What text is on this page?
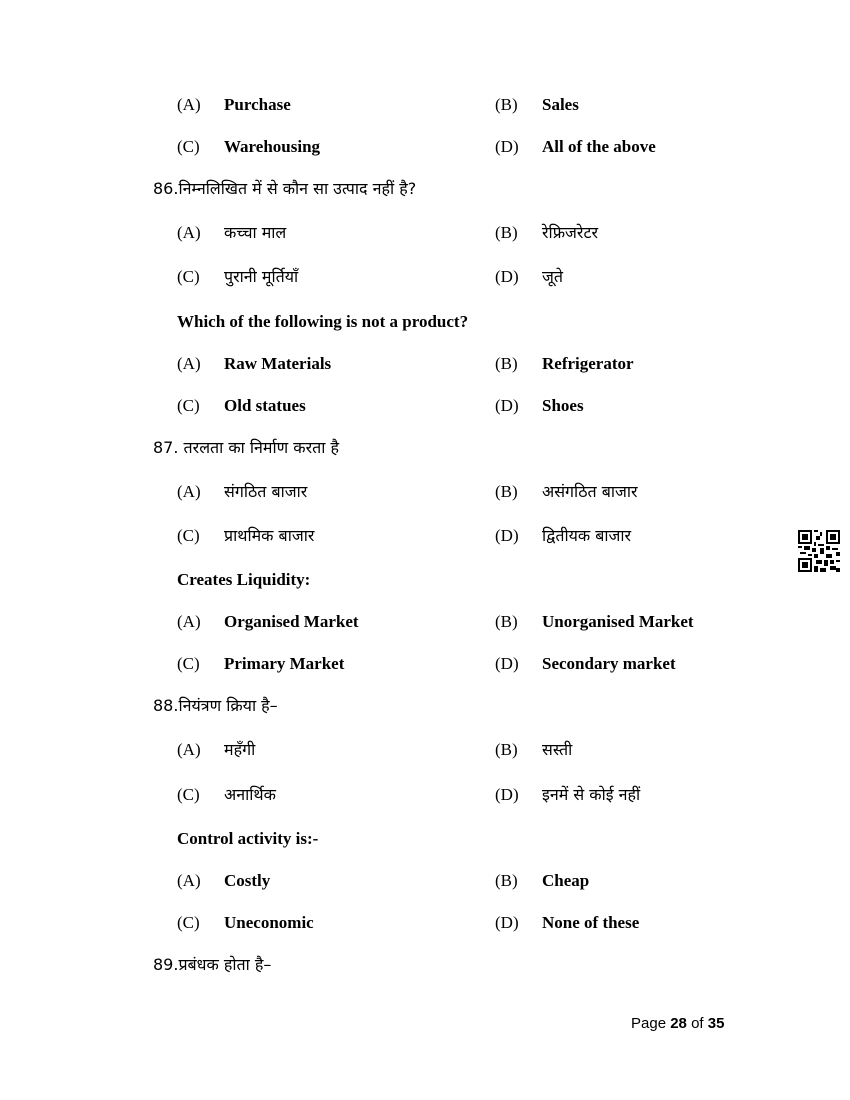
(A) Purchase	(B) Sales
(C) Warehousing	(D) All of the above
86.निम्नलिखित में से कौन सा उत्पाद नहीं है?
(A) कच्चा माल	(B) रेफ्रिजरेटर
(C) पुरानी मूर्तियाँ	(D) जूते
Which of the following is not a product?
(A) Raw Materials	(B) Refrigerator
(C) Old statues	(D) Shoes
87. तरलता का निर्माण करता है
(A) संगठित बाजार	(B) असंगठित बाजार
(C) प्राथमिक बाजार	(D) द्वितीयक बाजार
Creates Liquidity:
(A) Organised Market	(B) Unorganised Market
(C) Primary Market	(D) Secondary market
88.नियंत्रण क्रिया है–
(A) महँगी	(B) सस्ती
(C) अनार्थिक	(D) इनमें से कोई नहीं
Control activity is:-
(A) Costly	(B) Cheap
(C) Uneconomic	(D) None of these
89.प्रबंधक होता है–
Page 28 of 35
